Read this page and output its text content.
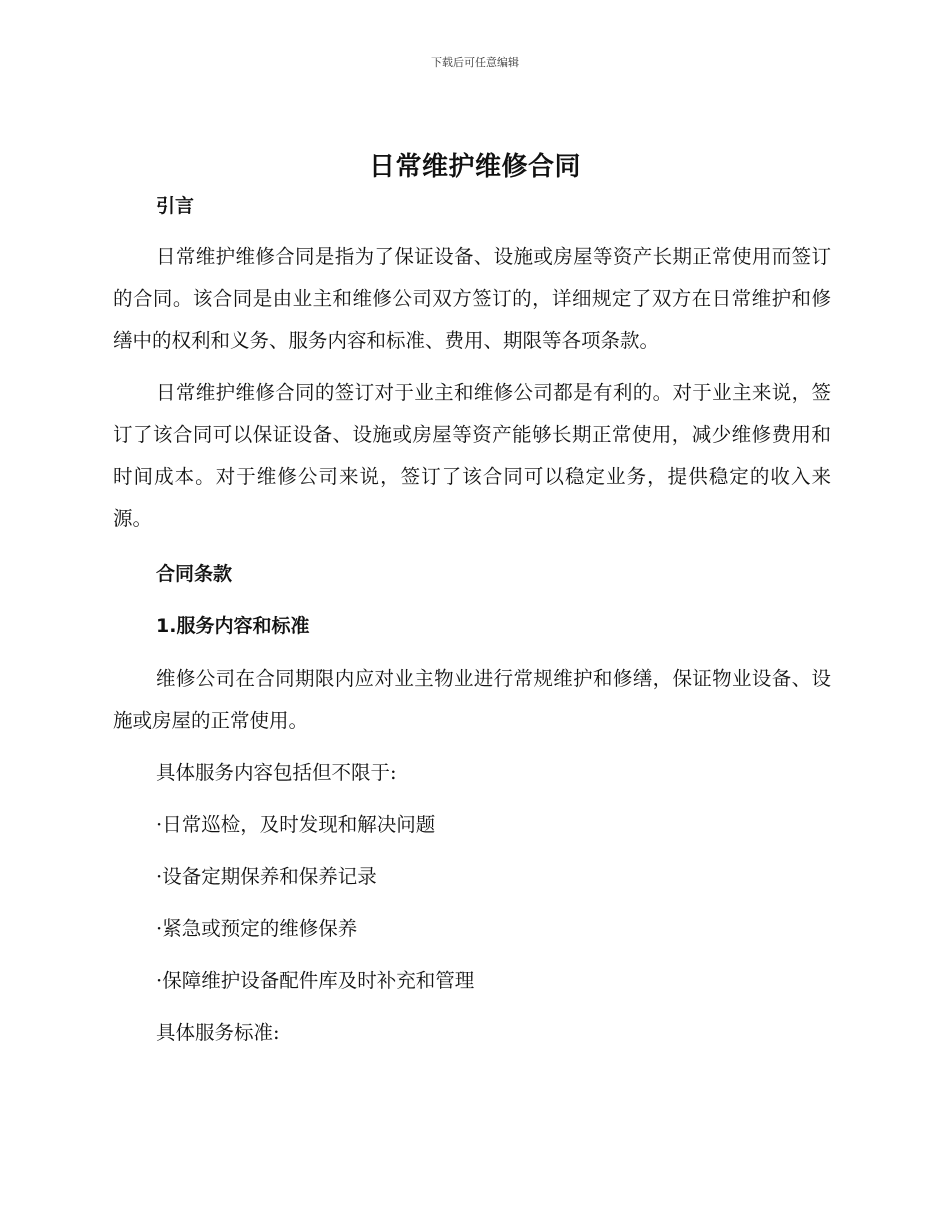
下载后可任意编辑
日常维护维修合同
引言

日常维护维修合同是指为了保证设备、设施或房屋等资产长期正常使用而签订的合同。该合同是由业主和维修公司双方签订的，详细规定了双方在日常维护和修缮中的权利和义务、服务内容和标准、费用、期限等各项条款。

日常维护维修合同的签订对于业主和维修公司都是有利的。对于业主来说，签订了该合同可以保证设备、设施或房屋等资产能够长期正常使用，减少维修费用和时间成本。对于维修公司来说，签订了该合同可以稳定业务，提供稳定的收入来源。

合同条款
1.服务内容和标准

维修公司在合同期限内应对业主物业进行常规维护和修缮，保证物业设备、设施或房屋的正常使用。

具体服务内容包括但不限于:

·日常巡检，及时发现和解决问题
·设备定期保养和保养记录
·紧急或预定的维修保养
·保障维护设备配件库及时补充和管理

具体服务标准:
